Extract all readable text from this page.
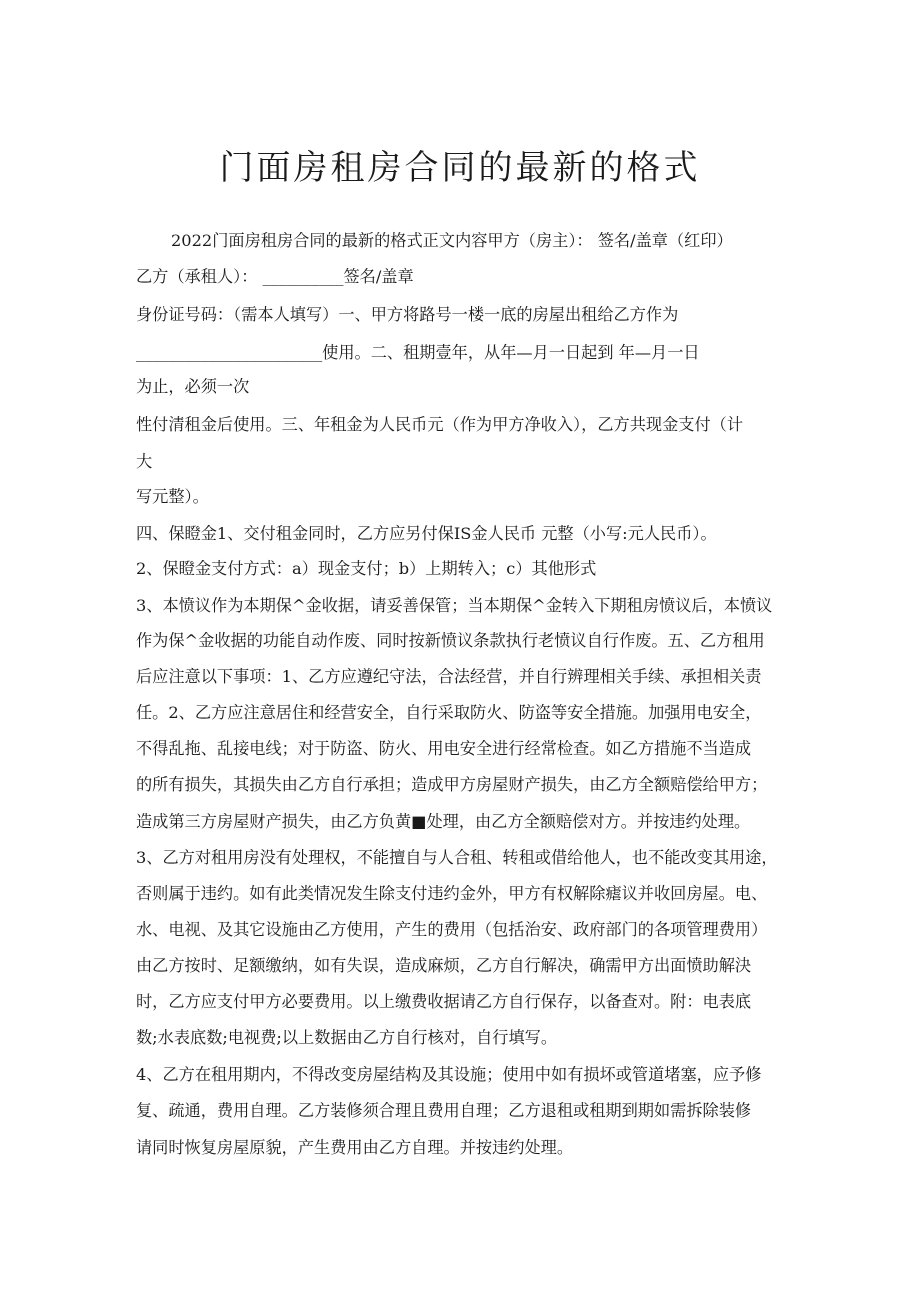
门面房租房合同的最新的格式
2022门面房租房合同的最新的格式正文内容甲方（房主）： 签名/盖章（红印）
乙方（承租人）： __________签名/盖章
身份证号码：（需本人填写）一、甲方将路号一楼一底的房屋出租给乙方作为
_______________________使用。二、租期壹年，从年—月一日起到 年—月一日
为止，必须一次
性付清租金后使用。三、年租金为人民币元（作为甲方净收入），乙方共现金支付（计
大
写元整）。
四、保瞪金1、交付租金同时，乙方应另付保IS金人民币 元整（小写:元人民币）。
2、保瞪金支付方式：a）现金支付；b）上期转入；c）其他形式
3、本愤议作为本期保^金收据，请妥善保管；当本期保^金转入下期租房愤议后，本愤议
作为保^金收据的功能自动作废、同时按新愤议条款执行老愤议自行作废。五、乙方租用
后应注意以下事项：1、乙方应遵纪守法，合法经营，并自行辨理相关手续、承担相关责
任。2、乙方应注意居住和经营安全，自行采取防火、防盗等安全措施。加强用电安全，
不得乱拖、乱接电线；对于防盗、防火、用电安全进行经常检查。如乙方措施不当造成
的所有损失，其损失由乙方自行承担；造成甲方房屋财产损失，由乙方全额赔偿给甲方；
造成第三方房屋财产损失，由乙方负黄■处理，由乙方全额赔偿对方。并按违约处理。
3、乙方对租用房没有处理权，不能擅自与人合租、转租或借给他人，也不能改变其用途，
否则属于违约。如有此类情况发生除支付违约金外，甲方有权解除瘧议并收回房屋。电、
水、电视、及其它设施由乙方使用，产生的费用（包括治安、政府部门的各项管理费用）
由乙方按时、足额缴纳，如有失误，造成麻烦，乙方自行解决，确需甲方出面愤助解決
时，乙方应支付甲方必要费用。以上缴费收据请乙方自行保存，以备查对。附：电表底
数;水表底数;电视费;以上数据由乙方自行核对，自行填写。
4、乙方在租用期内，不得改变房屋结构及其设施；使用中如有损坏或管道堵塞，应予修
复、疏通，费用自理。乙方装修须合理且费用自理；乙方退租或租期到期如需拆除装修
请同时恢复房屋原貌，产生费用由乙方自理。并按违约处理。
